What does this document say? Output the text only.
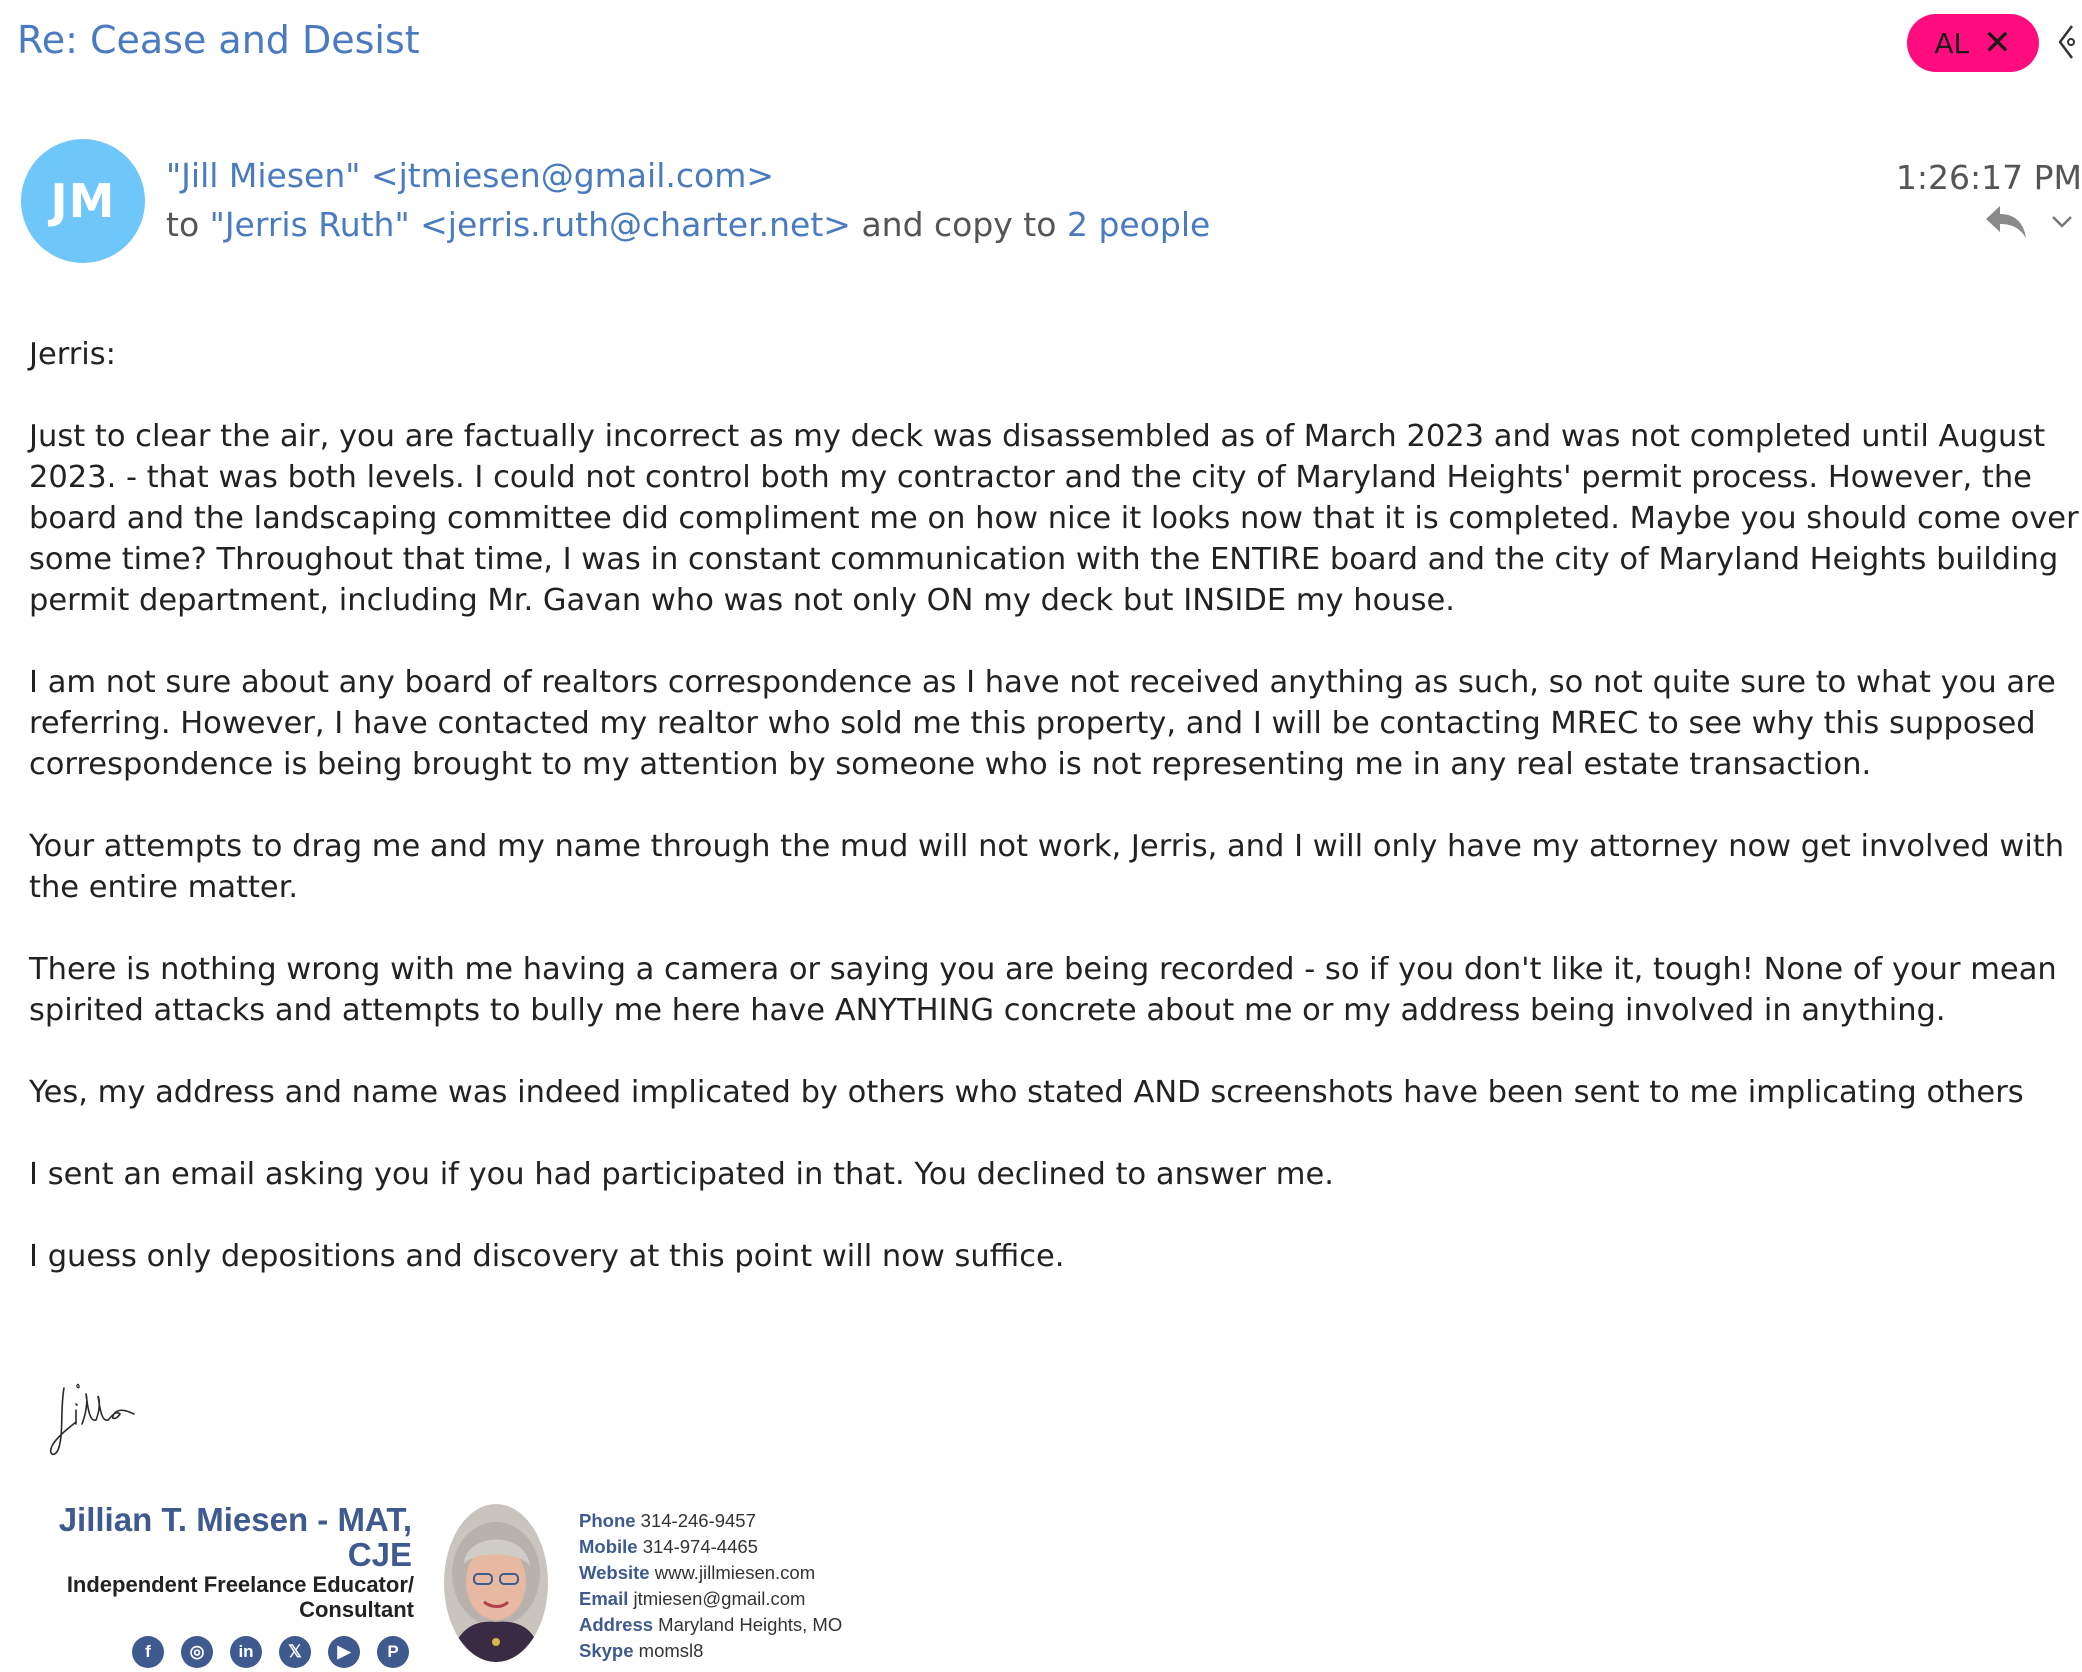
Re: Cease and Desist	AL ✕
JM	"Jill Miesen" <jtmiesen@gmail.com>
to "Jerris Ruth" <jerris.ruth@charter.net> and copy to 2 people
1:26:17 PM

Jerris:

Just to clear the air, you are factually incorrect as my deck was disassembled as of March 2023 and was not completed until August 2023. - that was both levels. I could not control both my contractor and the city of Maryland Heights' permit process. However, the board and the landscaping committee did compliment me on how nice it looks now that it is completed. Maybe you should come over some time? Throughout that time, I was in constant communication with the ENTIRE board and the city of Maryland Heights building permit department, including Mr. Gavan who was not only ON my deck but INSIDE my house.

I am not sure about any board of realtors correspondence as I have not received anything as such, so not quite sure to what you are referring. However, I have contacted my realtor who sold me this property, and I will be contacting MREC to see why this supposed correspondence is being brought to my attention by someone who is not representing me in any real estate transaction.

Your attempts to drag me and my name through the mud will not work, Jerris, and I will only have my attorney now get involved with the entire matter.

There is nothing wrong with me having a camera or saying you are being recorded - so if you don't like it, tough! None of your mean spirited attacks and attempts to bully me here have ANYTHING concrete about me or my address being involved in anything.

Yes, my address and name was indeed implicated by others who stated AND screenshots have been sent to me implicating others

I sent an email asking you if you had participated in that. You declined to answer me.

I guess only depositions and discovery at this point will now suffice.

Jillian T. Miesen - MAT, CJE
Independent Freelance Educator/ Consultant
f	◎	in	𝕏	▶	P
Phone 314-246-9457
Mobile 314-974-4465
Website www.jillmiesen.com
Email jtmiesen@gmail.com
Address Maryland Heights, MO
Skype momsl8
